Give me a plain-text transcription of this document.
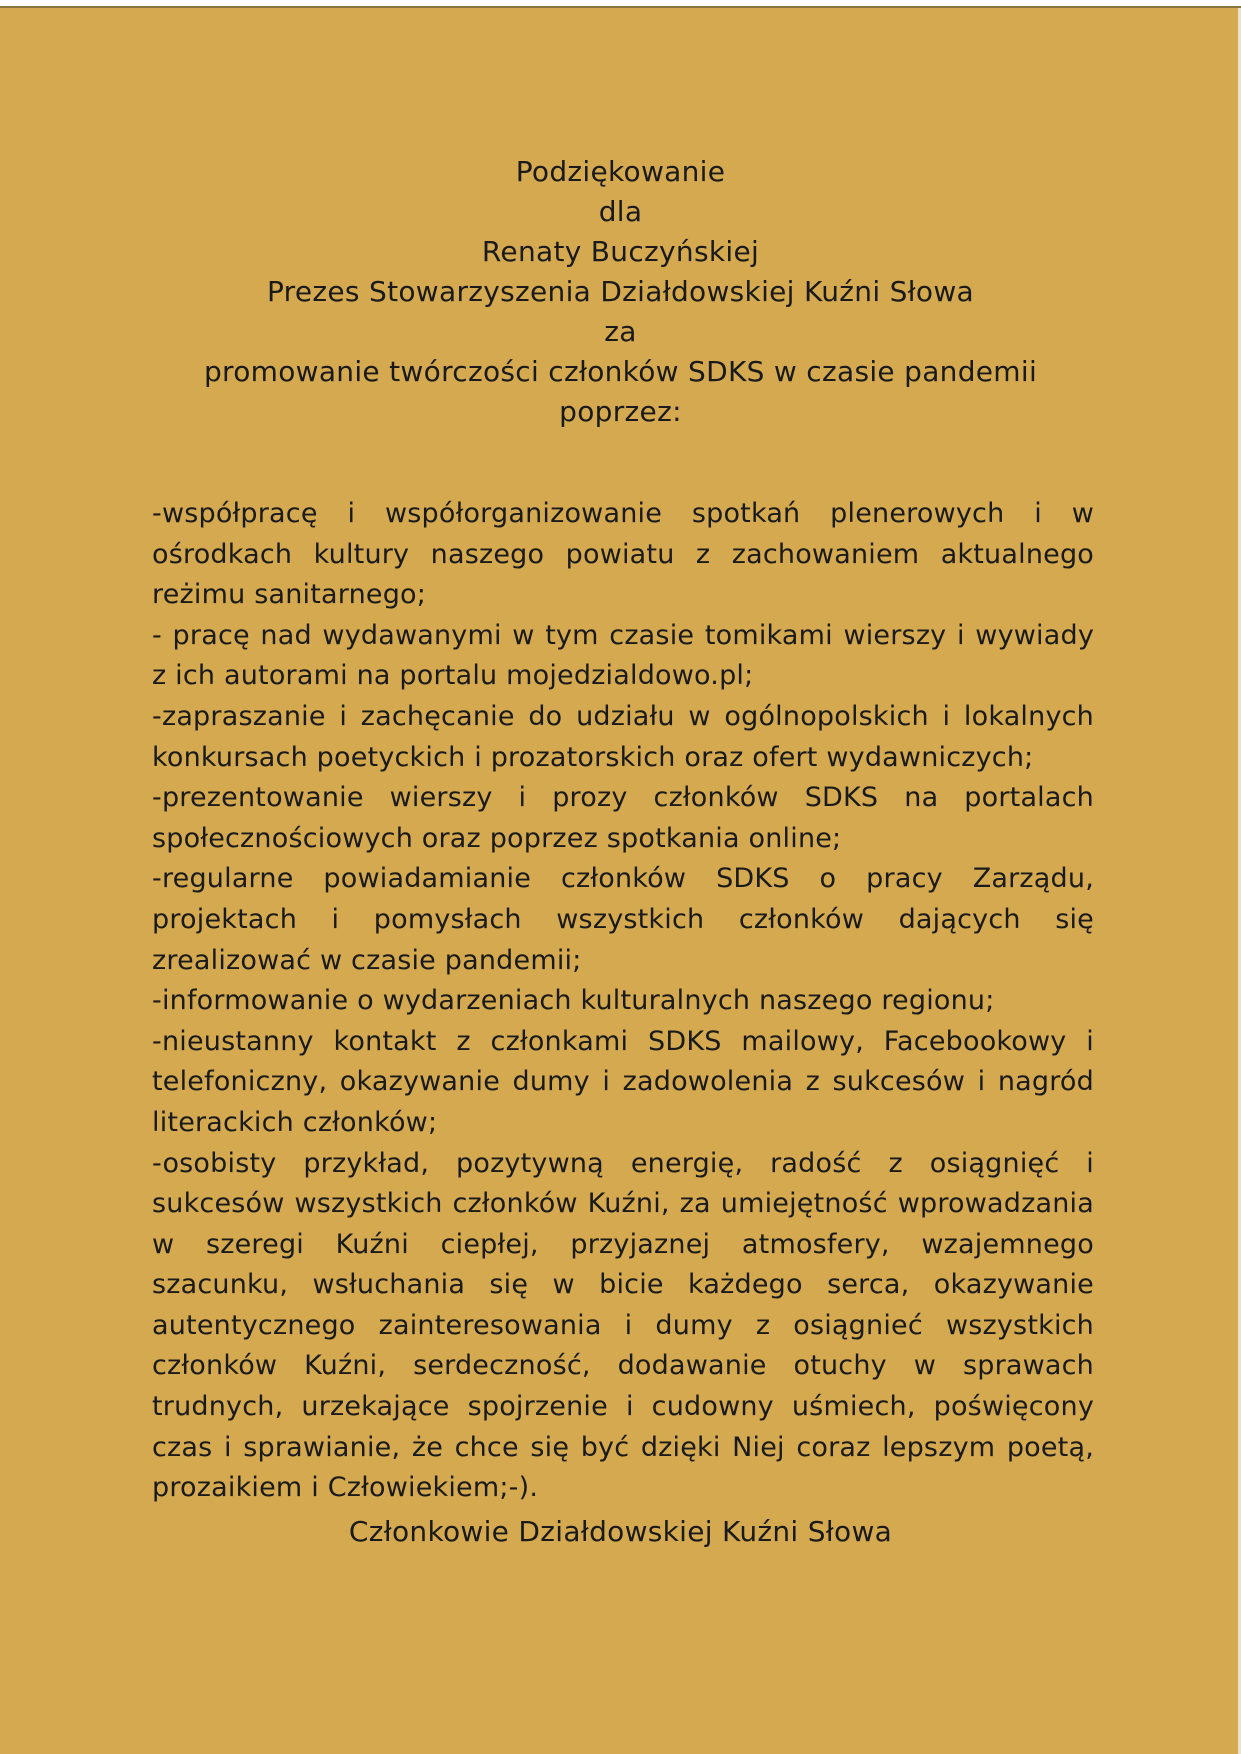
Podziękowanie
dla
Renaty Buczyńskiej
Prezes Stowarzyszenia Działdowskiej Kuźni Słowa
za
promowanie twórczości członków SDKS w czasie pandemii
poprzez:

-współpracę i współorganizowanie spotkań plenerowych i w ośrodkach kultury naszego powiatu z zachowaniem aktualnego reżimu sanitarnego;

- pracę nad wydawanymi w tym czasie tomikami wierszy i wywiady z ich autorami na portalu mojedzialdowo.pl;

-zapraszanie i zachęcanie do udziału w ogólnopolskich i lokalnych konkursach poetyckich i prozatorskich oraz ofert wydawniczych;

-prezentowanie wierszy i prozy członków SDKS na portalach społecznościowych oraz poprzez spotkania online;

-regularne powiadamianie członków SDKS o pracy Zarządu, projektach i pomysłach wszystkich członków dających się zrealizować w czasie pandemii;

-informowanie o wydarzeniach kulturalnych naszego regionu;

-nieustanny kontakt z członkami SDKS mailowy, Facebookowy i telefoniczny, okazywanie dumy i zadowolenia z sukcesów i nagród literackich członków;

-osobisty przykład, pozytywną energię, radość z osiągnięć i sukcesów wszystkich członków Kuźni, za umiejętność wprowadzania w szeregi Kuźni ciepłej, przyjaznej atmosfery, wzajemnego szacunku, wsłuchania się w bicie każdego serca, okazywanie autentycznego zainteresowania i dumy z osiągnieć wszystkich członków Kuźni, serdeczność, dodawanie otuchy w sprawach trudnych, urzekające spojrzenie i cudowny uśmiech, poświęcony czas i sprawianie, że chce się być dzięki Niej coraz lepszym poetą, prozaikiem i Człowiekiem;-).

Członkowie Działdowskiej Kuźni Słowa
